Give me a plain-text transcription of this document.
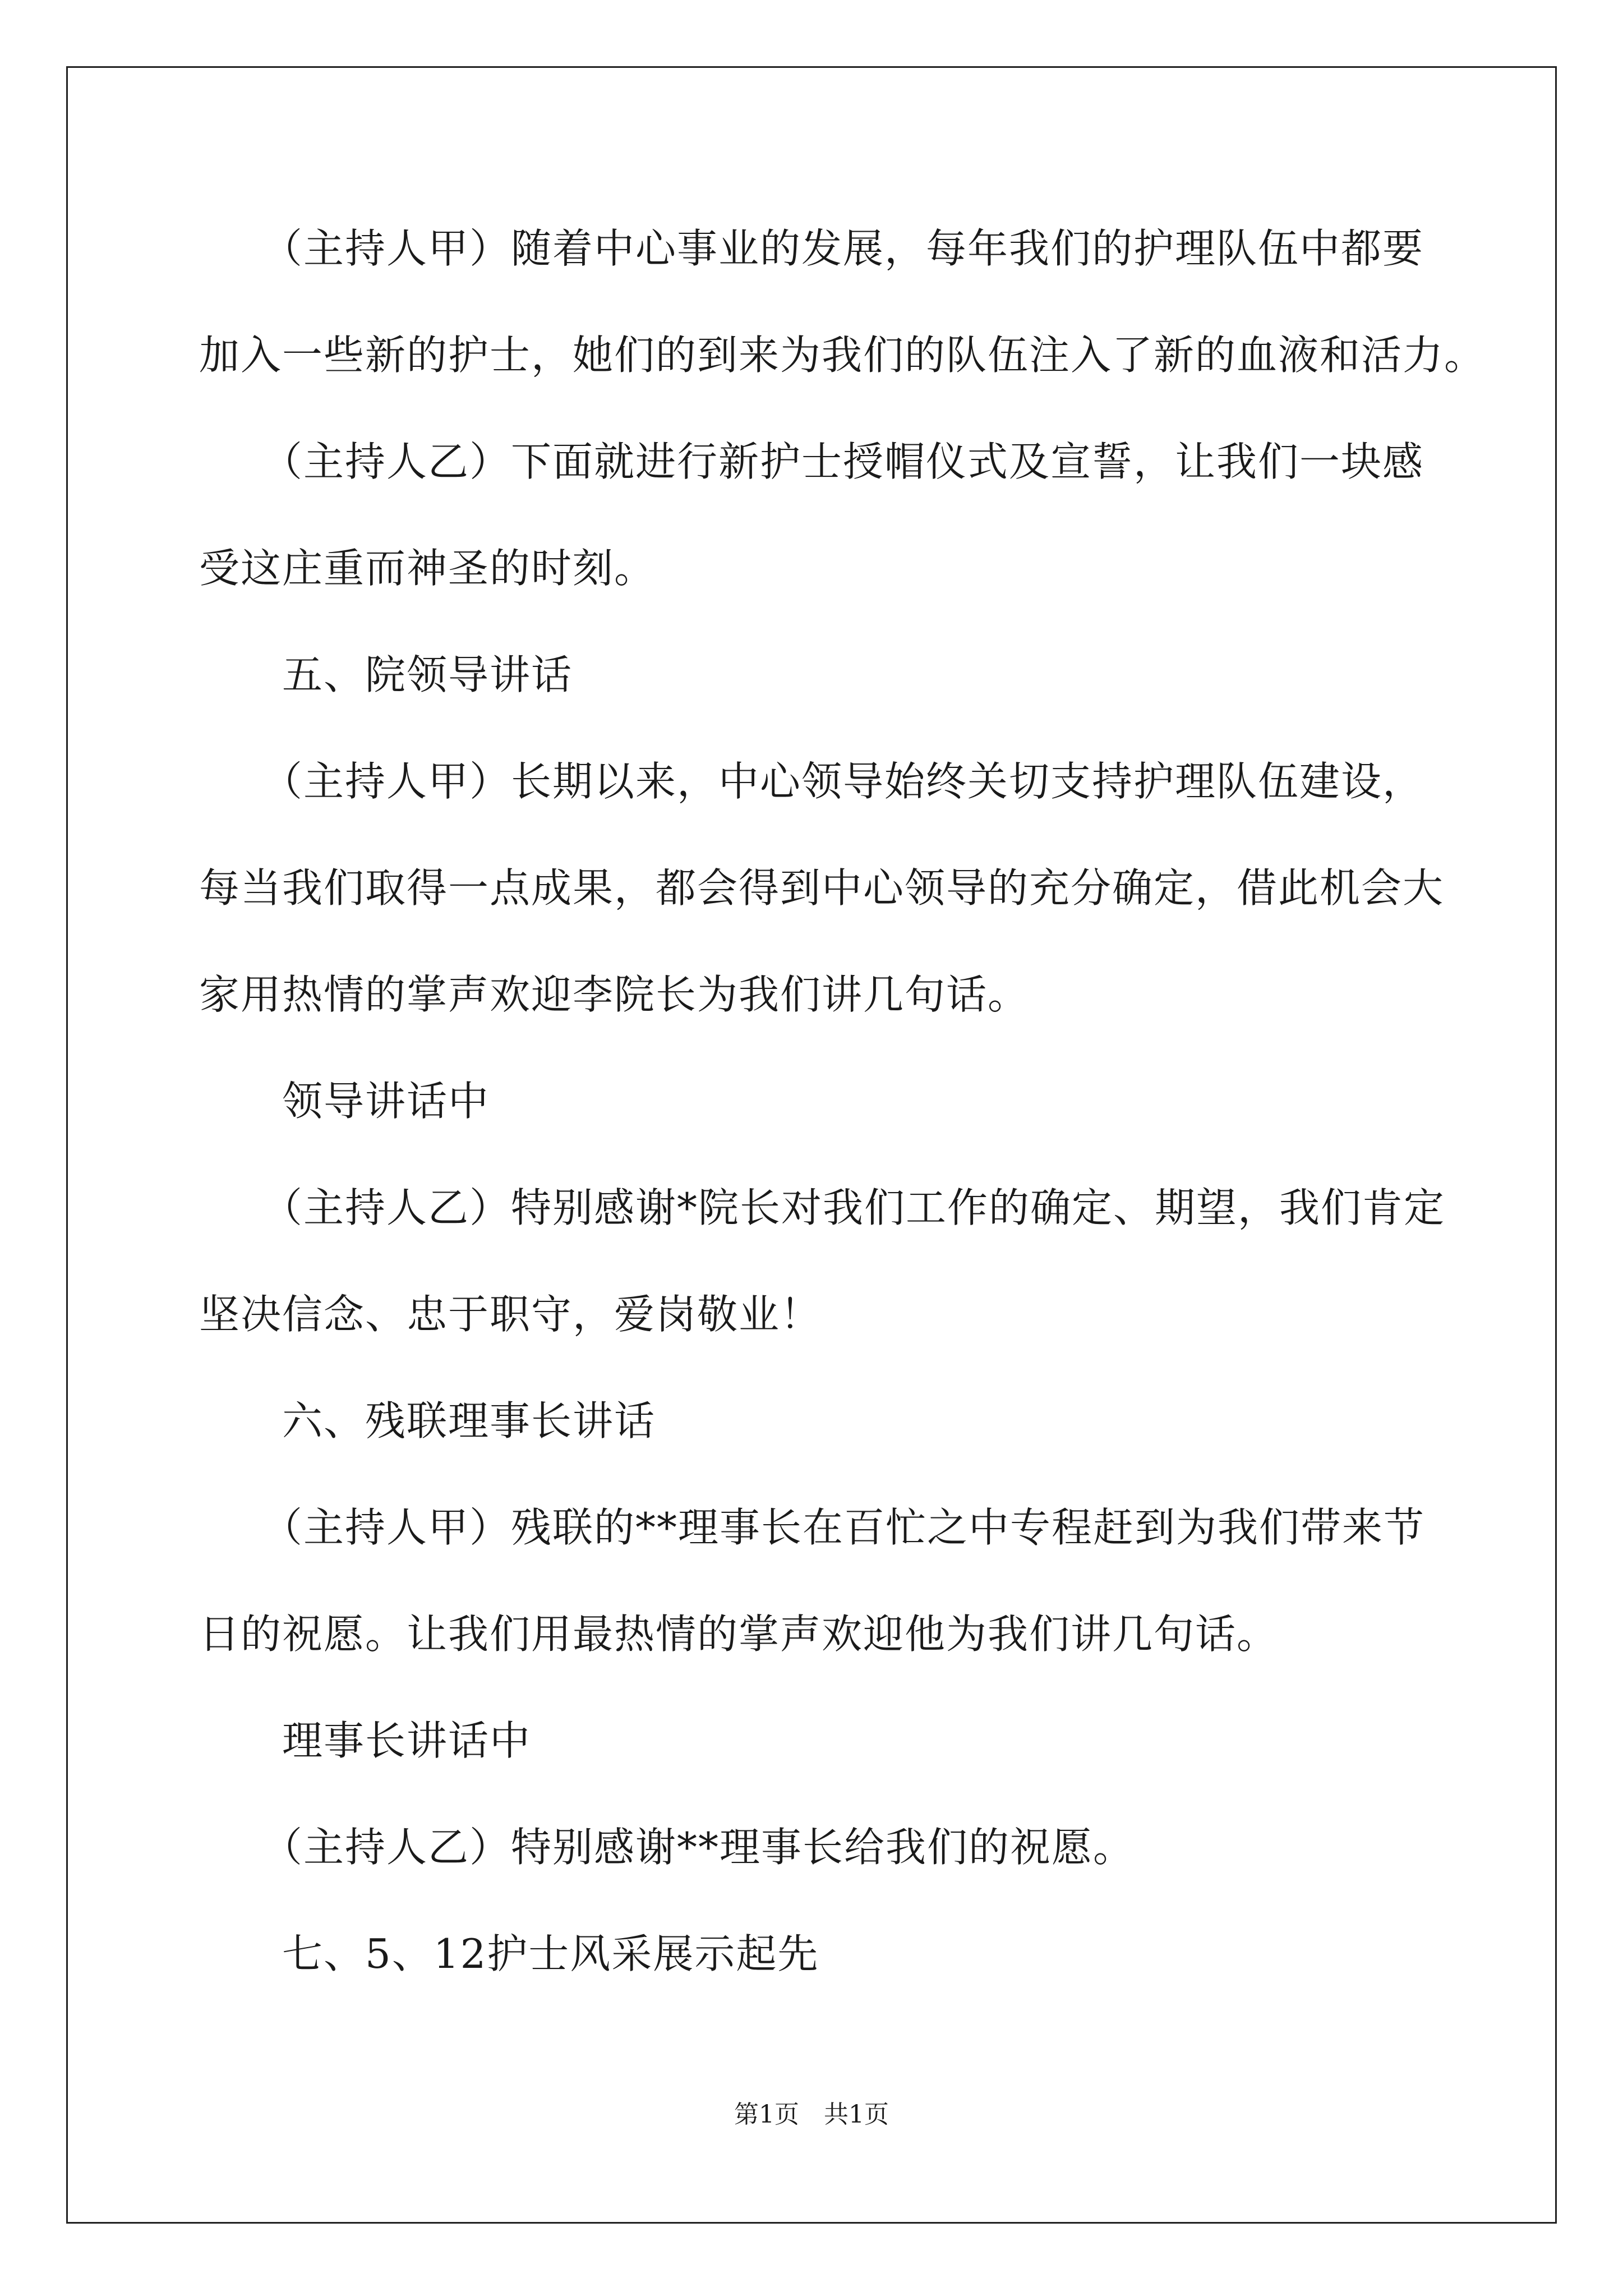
　　（主持人甲）随着中心事业的发展，每年我们的护理队伍中都要

加入一些新的护士，她们的到来为我们的队伍注入了新的血液和活力。

　　（主持人乙）下面就进行新护士授帽仪式及宣誓，让我们一块感

受这庄重而神圣的时刻。

　　五、院领导讲话

　　（主持人甲）长期以来，中心领导始终关切支持护理队伍建设，

每当我们取得一点成果，都会得到中心领导的充分确定，借此机会大

家用热情的掌声欢迎李院长为我们讲几句话。

　　领导讲话中

　　（主持人乙）特别感谢*院长对我们工作的确定、期望，我们肯定

坚决信念、忠于职守，爱岗敬业！

　　六、残联理事长讲话

　　（主持人甲）残联的**理事长在百忙之中专程赶到为我们带来节

日的祝愿。让我们用最热情的掌声欢迎他为我们讲几句话。

　　理事长讲话中

　　（主持人乙）特别感谢**理事长给我们的祝愿。

　　七、5、12护士风采展示起先

第1页 共1页
